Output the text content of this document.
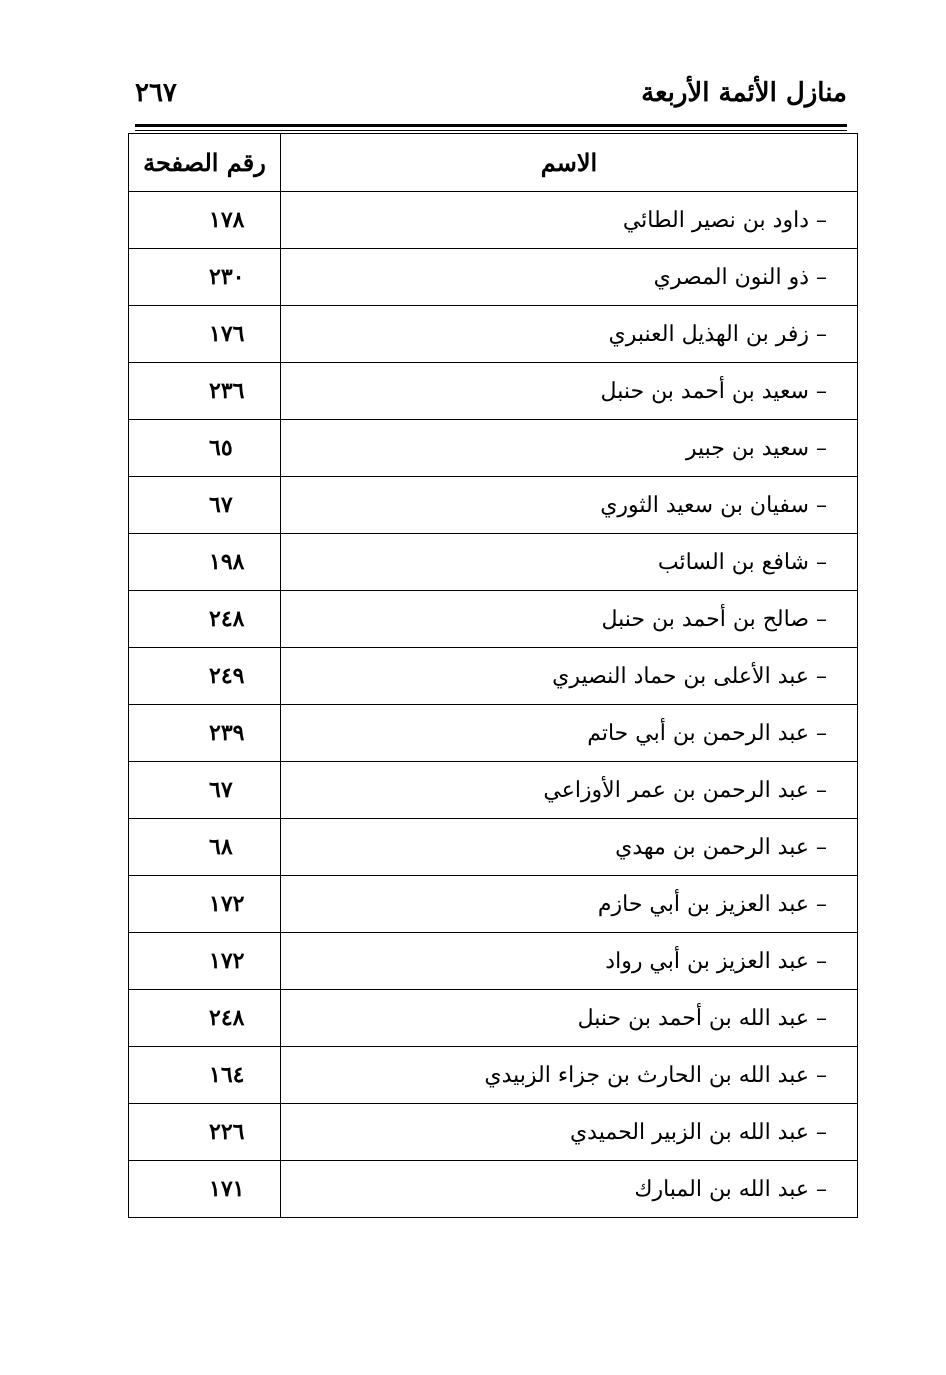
منازل الأئمة الأربعة
٢٦٧
الاسم	رقم الصفحة
– داود بن نصير الطائي	١٧٨
– ذو النون المصري	٢٣٠
– زفر بن الهذيل العنبري	١٧٦
– سعيد بن أحمد بن حنبل	٢٣٦
– سعيد بن جبير	٦٥
– سفيان بن سعيد الثوري	٦٧
– شافع بن السائب	١٩٨
– صالح بن أحمد بن حنبل	٢٤٨
– عبد الأعلى بن حماد النصيري	٢٤٩
– عبد الرحمن بن أبي حاتم	٢٣٩
– عبد الرحمن بن عمر الأوزاعي	٦٧
– عبد الرحمن بن مهدي	٦٨
– عبد العزيز بن أبي حازم	١٧٢
– عبد العزيز بن أبي رواد	١٧٢
– عبد الله بن أحمد بن حنبل	٢٤٨
– عبد الله بن الحارث بن جزاء الزبيدي	١٦٤
– عبد الله بن الزبير الحميدي	٢٢٦
– عبد الله بن المبارك	١٧١
